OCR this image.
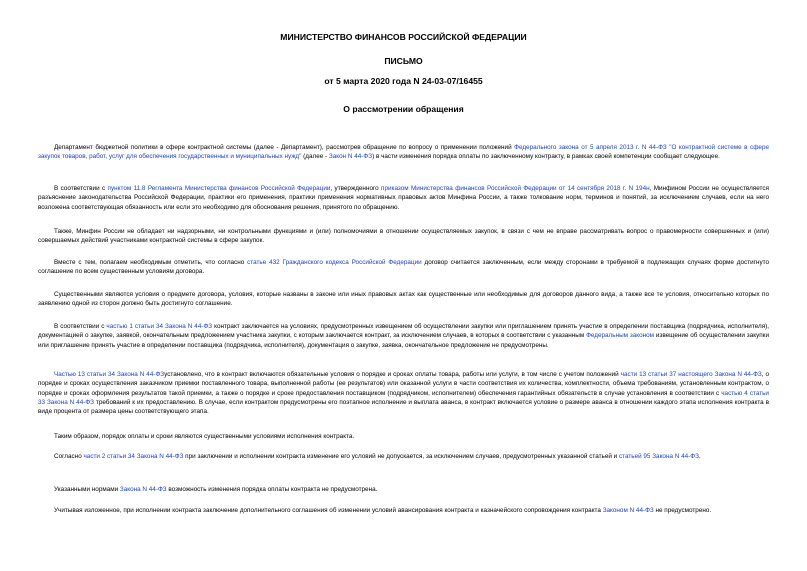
МИНИСТЕРСТВО ФИНАНСОВ РОССИЙСКОЙ ФЕДЕРАЦИИ
ПИСЬМО
от 5 марта 2020 года N 24-03-07/16455
О рассмотрении обращения

Департамент бюджетной политики в сфере контрактной системы (далее - Департамент), рассмотрев обращение по вопросу о применении положений Федерального закона от 5 апреля 2013 г. N 44-ФЗ "О контрактной системе в сфере закупок товаров, работ, услуг для обеспечения государственных и муниципальных нужд" (далее - Закон N 44-ФЗ) в части изменения порядка оплаты по заключенному контракту, в рамках своей компетенции сообщает следующее.

В соответствии с пунктом 11.8 Регламента Министерства финансов Российской Федерации, утвержденного приказом Министерства финансов Российской Федерации от 14 сентября 2018 г. N 194н, Минфином России не осуществляется разъяснение законодательства Российской Федерации, практики его применения, практики применения нормативных правовых актов Минфина России, а также толкование норм, терминов и понятий, за исключением случаев, если на него возложена соответствующая обязанность или если это необходимо для обоснования решения, принятого по обращению.

Также, Минфин России не обладает ни надзорными, ни контрольными функциями и (или) полномочиями в отношении осуществляемых закупок, в связи с чем не вправе рассматривать вопрос о правомерности совершенных и (или) совершаемых действий участниками контрактной системы в сфере закупок.

Вместе с тем, полагаем необходимым отметить, что согласно статье 432 Гражданского кодекса Российской Федерации договор считается заключенным, если между сторонами в требуемой в подлежащих случаях форме достигнуто соглашение по всем существенным условиям договора.

Существенными являются условия о предмете договора, условия, которые названы в законе или иных правовых актах как существенные или необходимые для договоров данного вида, а также все те условия, относительно которых по заявлению одной из сторон должно быть достигнуто соглашение.

В соответствии с частью 1 статьи 34 Закона N 44-ФЗ контракт заключается на условиях, предусмотренных извещением об осуществлении закупки или приглашением принять участие в определении поставщика (подрядчика, исполнителя), документацией о закупке, заявкой, окончательным предложением участника закупки, с которым заключается контракт, за исключением случаев, в которых в соответствии с указанным Федеральным законом извещение об осуществлении закупки или приглашение принять участие в определении поставщика (подрядчика, исполнителя), документация о закупке, заявка, окончательное предложение не предусмотрены.

Частью 13 статьи 34 Закона N 44-ФЗустановлено, что в контракт включаются обязательные условия о порядке и сроках оплаты товара, работы или услуги, в том числе с учетом положений части 13 статьи 37 настоящего Закона N 44-ФЗ, о порядке и сроках осуществления заказчиком приемки поставленного товара, выполненной работы (ее результатов) или оказанной услуги в части соответствия их количества, комплектности, объема требованиям, установленным контрактом, о порядке и сроках оформления результатов такой приемки, а также о порядке и сроке предоставления поставщиком (подрядчиком, исполнителем) обеспечения гарантийных обязательств в случае установления в соответствии с частью 4 статьи 33 Закона N 44-ФЗ требований к их предоставлению. В случае, если контрактом предусмотрены его поэтапное исполнение и выплата аванса, в контракт включается условие о размере аванса в отношении каждого этапа исполнения контракта в виде процента от размера цены соответствующего этапа.

Таким образом, порядок оплаты и сроки являются существенными условиями исполнения контракта.

Согласно части 2 статьи 34 Закона N 44-ФЗ при заключении и исполнении контракта изменение его условий не допускается, за исключением случаев, предусмотренных указанной статьей и статьей 95 Закона N 44-ФЗ.

Указанными нормами Закона N 44-ФЗ возможность изменения порядка оплаты контракта не предусмотрена.

Учитывая изложенное, при исполнении контракта заключение дополнительного соглашения об изменении условий авансирования контракта и казначейского сопровождения контракта Законом N 44-ФЗ не предусмотрено.
